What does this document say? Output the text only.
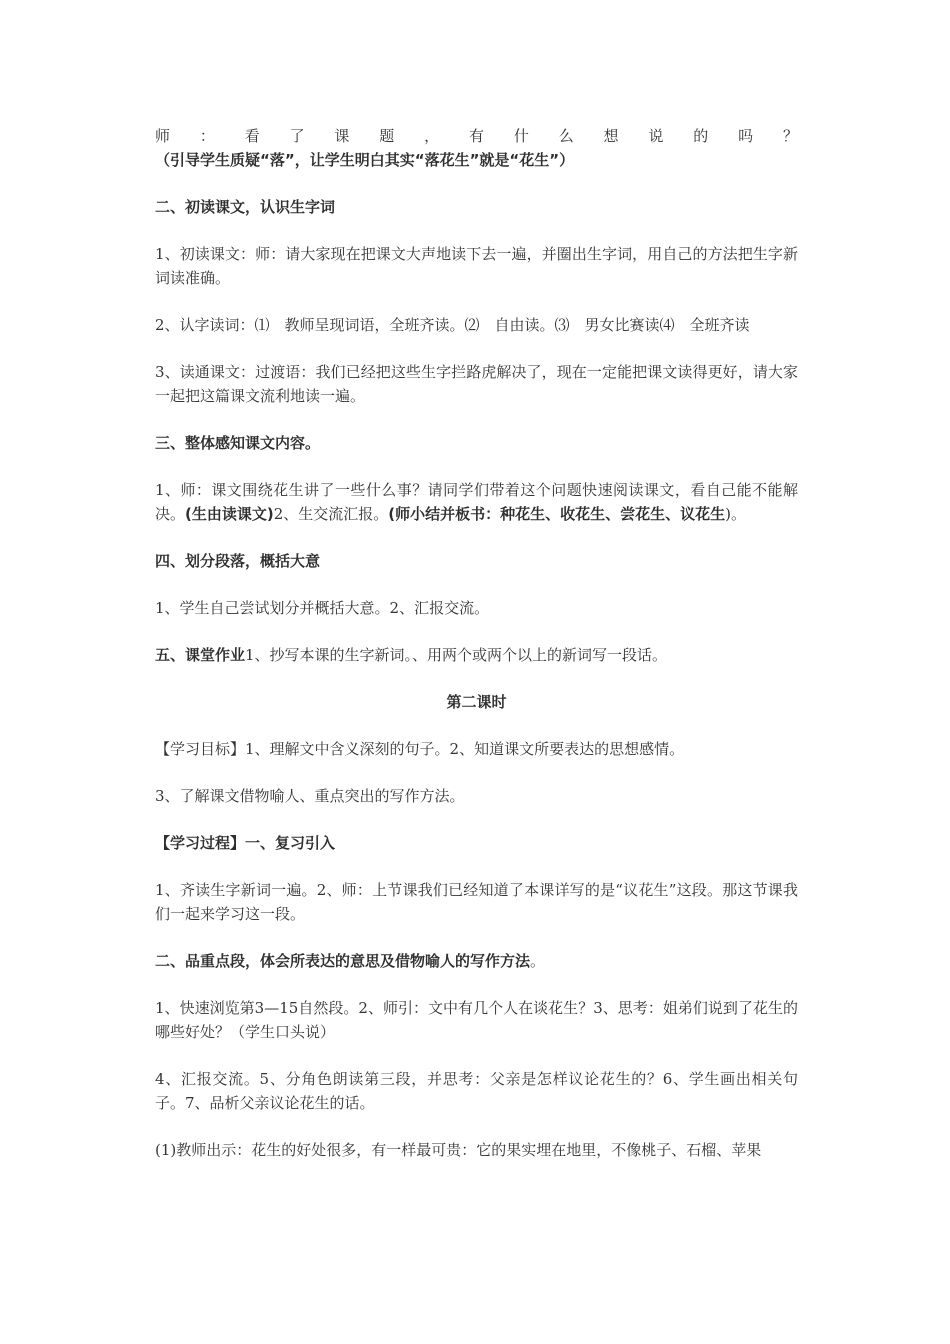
师：看了课题，有什么想说的吗？（引导学生质疑“落”，让学生明白其实“落花生”就是“花生”）

二、初读课文，认识生字词

1、初读课文：师：请大家现在把课文大声地读下去一遍，并圈出生字词，用自己的方法把生字新词读准确。

2、认字读词：⑴　教师呈现词语，全班齐读。⑵　自由读。⑶　男女比赛读⑷　全班齐读

3、读通课文：过渡语：我们已经把这些生字拦路虎解决了，现在一定能把课文读得更好，请大家一起把这篇课文流利地读一遍。

三、整体感知课文内容。

1、师：课文围绕花生讲了一些什么事？请同学们带着这个问题快速阅读课文，看自己能不能解决。(生由读课文)2、生交流汇报。(师小结并板书：种花生、收花生、尝花生、议花生)。

四、划分段落，概括大意

1、学生自己尝试划分并概括大意。2、汇报交流。

五、课堂作业1、抄写本课的生字新词。、用两个或两个以上的新词写一段话。

第二课时

【学习目标】1、理解文中含义深刻的句子。2、知道课文所要表达的思想感情。

3、了解课文借物喻人、重点突出的写作方法。

【学习过程】一、复习引入

1、齐读生字新词一遍。2、师：上节课我们已经知道了本课详写的是“议花生”这段。那这节课我们一起来学习这一段。

二、品重点段，体会所表达的意思及借物喻人的写作方法。

1、快速浏览第3—15自然段。2、师引：文中有几个人在谈花生？3、思考：姐弟们说到了花生的哪些好处？（学生口头说）

4、汇报交流。5、分角色朗读第三段，并思考：父亲是怎样议论花生的？6、学生画出相关句子。7、品析父亲议论花生的话。

(1)教师出示：花生的好处很多，有一样最可贵：它的果实埋在地里，不像桃子、石榴、苹果
